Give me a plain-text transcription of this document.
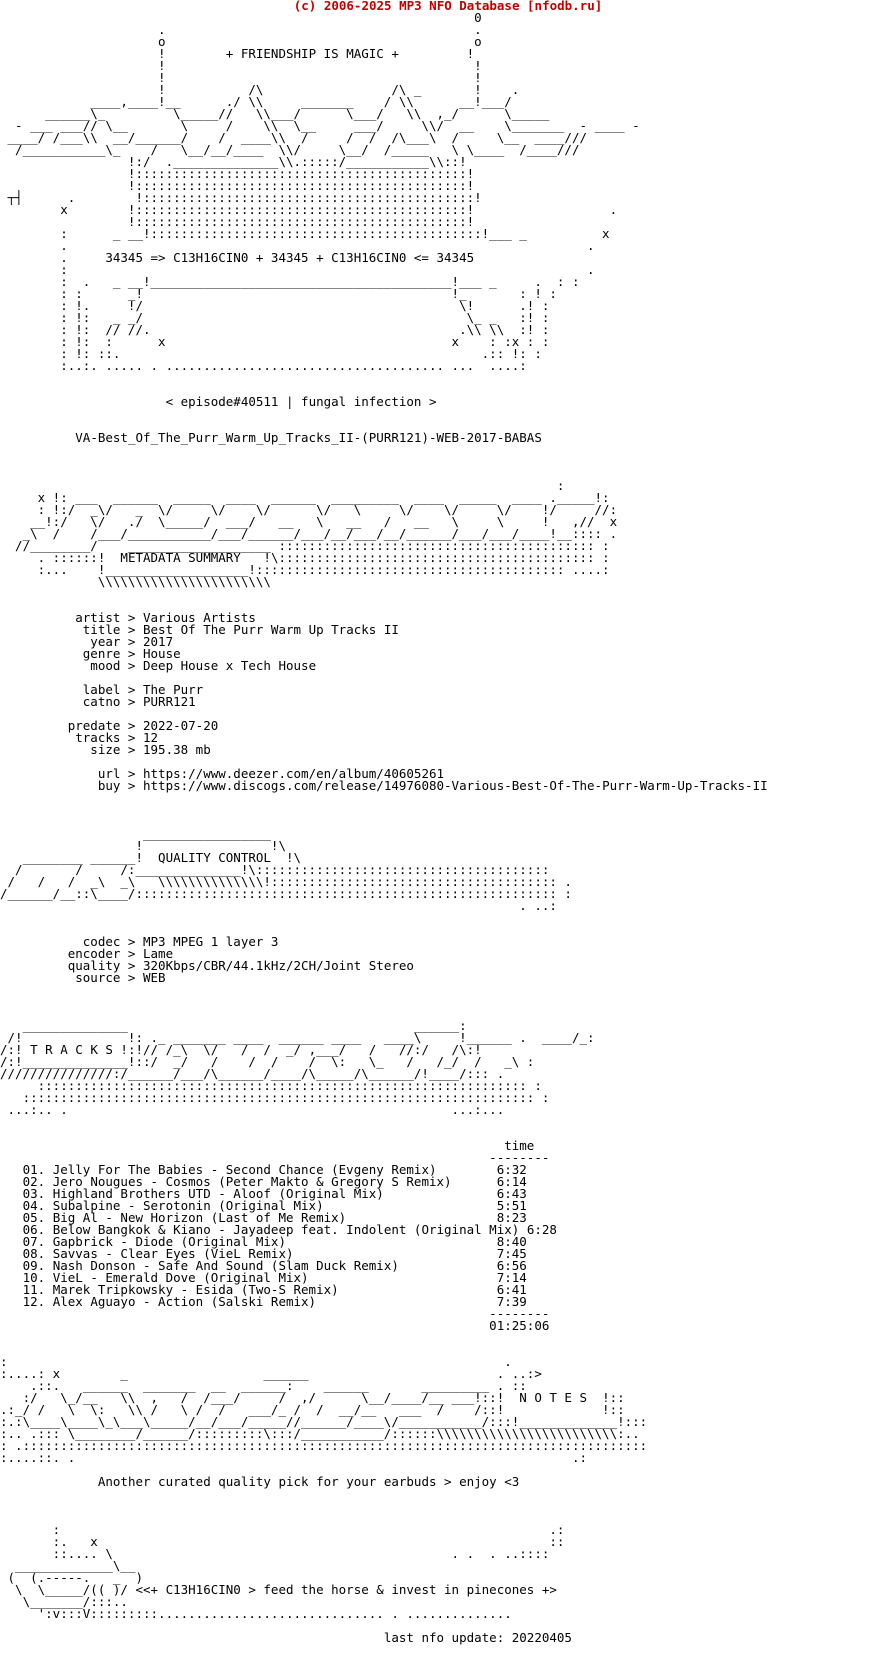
(c) 2006-2025 MP3 NFO Database [nfodb.ru]
0
.                                         .
o                                         o
!	+ FRIENDSHIP IS MAGIC +	!
!                                         !
!                                         !
!           /\                 /\ _       !    .
____,____!__      ./ \\     _______    / \\      __!___/
______\_         \_____//   \\___/      \___/   \\  ,_/      \_____
- ___ ___// \__       \     /    \\  \__     ___/     \\/  __    \_______  - ____ -
____/ /___\\  __/______/    /  ____\\  /     /  /  /\___\  /     \__  ____///
/___________\_    /   \__/__/____  \\/     \__/  /_____   \ \____  /____///
!:/  .______________\\.:::::/___________\\::!
!::::::::::::::::::::::::::::::::::::::::::::!
!::::::::::::::::::::::::::::::::::::::::::::!
┬┤      .        !::::::::::::::::::::::::::::::::::::::::::::!
x        !::::::::::::::::::::::::::::::::::::::::::::!                  .
!::::::::::::::::::::::::::::::::::::::::::::!
:      _ __!::::::::::::::::::::::::::::::::::::::::::::!___ _          x
.                                                                     .
.	34345 => C13H16CIN0 + 34345 + C13H16CIN0 <= 34345
:                                                                     .
:  .   _ __!________________________________________!___ _     .  : :
: :      _!                                         !_       : ! :
: !.     !/                                          \!      .! :
: !:   _ _/                                           \_ _   :! :
: !:  // //.                                         .\\ \\  :! :
: !:  :      x                                      x    : :x : :
: !: ::.                                                .:: !: :
:..:. ..... . ..................................... ...  ....:
< episode#40511 | fungal infection >
VA-Best_Of_The_Purr_Warm_Up_Tracks_II-(PURR121)-WEB-2017-BABAS
:
x !: ___  ______  _____  ____  ______  _________  ____  _____  ____ ._____!:
: !:/  _\/   _  \/     \/    \/      \/   \     \/    \/     \/    !/     //:
__!:/   \/   ./  \_____/  ___/   __   \   __   /   __   \     \     !   ,//  x
_\  /    /___/___________/___/______/___/__/___/__/______/___/___/____!__:::: .
//________/    ___________________ :::::::::::::::::::::::::::::::::::::::::: :
. ::::::!  METADATA SUMMARY   !\:::::::::::::::::::::::::::::::::::::::::: :
:...    !___________________!::::::::::::::::::::::::::::::::::::::::: ....:
\\\\\\\\\\\\\\\\\\\\\\\
artist > Various Artists
title > Best Of The Purr Warm Up Tracks II
year > 2017
genre > House
mood > Deep House x Tech House

label > The Purr
catno > PURR121

predate > 2022-07-20
tracks > 12
size > 195.38 mb

url > https://www.deezer.com/en/album/40605261
buy > https://www.discogs.com/release/14976080-Various-Best-Of-The-Purr-Warm-Up-Tracks-II
_________________
!                 !\
________ ______!  QUALITY CONTROL  !\
/       /     /:______________!\:::::::::::::::::::::::::::::::::::::::
/   /   /  _\  _\   \\\\\\\\\\\\\\!:::::::::::::::::::::::::::::::::::::: .
/______/__::\____/:::::::::::::::::::::::::::::::::::::::::::::::::::::::: :
. ..:
codec > MP3 MPEG 1 layer 3
encoder > Lame
quality > 320Kbps/CBR/44.1kHz/2CH/Joint Stereo
source > WEB
______________                                      ______:
/!              !: ._ _______ ____  ______ ____   ____\     !______ .  ____/_:
/:! T R A C K S !:!// /_\  \/   /  /  _/ ,___/   /   //:/   /\:!
/:!______________!::/  _/   /    /  /    /  \:   \_   /   /_/  /   _\ :
///////////////:/______/___/\______/____/\_____/\______/!____/::: .
::::::::::::::::::::::::::::::::::::::::::::::::::::::::::::::::: :
:::::::::::::::::::::::::::::::::::::::::::::::::::::::::::::::::::: :
...:.. .                                                   ...:...
time
--------
01. Jelly For The Babies - Second Chance (Evgeny Remix)	6:32
02. Jero Nougues - Cosmos (Peter Makto & Gregory S Remix)	6:14
03. Highland Brothers UTD - Aloof (Original Mix)	6:43
04. Subalpine - Serotonin (Original Mix)	5:51
05. Big Al - New Horizon (Last of Me Remix)	8:23
06. Below Bangkok & Kiano - Jayadeep feat. Indolent (Original Mix) 6:28
07. Gapbrick - Diode (Original Mix)	8:40
08. Savvas - Clear Eyes (VieL Remix)	7:45
09. Nash Donson - Safe And Sound (Slam Duck Remix)	6:56
10. VieL - Emerald Dove (Original Mix)	7:14
11. Marek Tripkowsky - Esida (Two-S Remix)	6:41
12. Alex Aguayo - Action (Salski Remix)	7:39
--------
01:25:06
:                                                                  .
:....: x        _                  ______                         . ..:>
.::.   ______  _______  __  ______:    ______       _________ . ::
:/   \_/__   \\  ,   /  /___/     /  ,/      \__/____/__ ___!::!  N O T E S  !::
.:_/ /   \  \:   \\ /   \ /  /   ___/_ /  /  __/__   ___  /    /::!             !::
:.:\____\____\_\___\_____/__/___/_____//______/____\/___________/:::!_____________!:::
:.. .::: \________/______/:::::::::\:::/___________/::::::\\\\\\\\\\\\\\\\\\\\\\\\:..
: .:::::::::::::::::::::::::::::::::::::::::::::::::::::::::::::::::::::::::::::::::::
:....::. .                                                                  .:
Another curated quality pick for your earbuds > enjoy <3
:                                                                 .:
:.   x                                                            ::
::.... \                                             . .  . ..::::
_____________\__
(  (.-----.   _  )
\  \_____/(( )/ <<+ C13H16CIN0 > feed the horse & invest in pinecones +>
\_______/:::..
':v:::V:::::::::.............................. . ..............
last nfo update: 20220405
